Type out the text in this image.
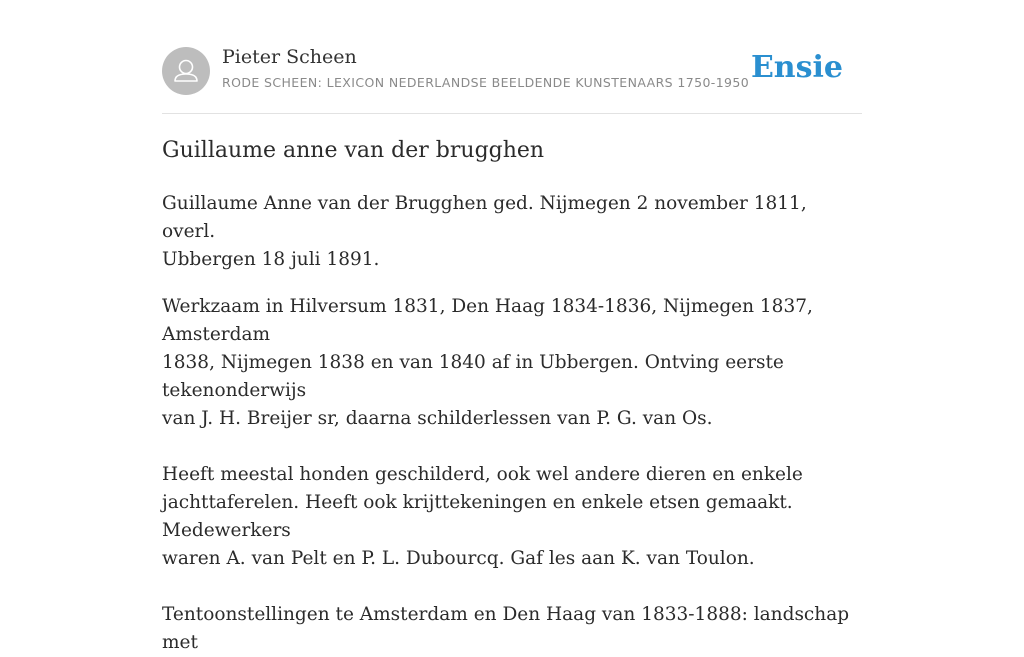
Pieter Scheen
RODE SCHEEN: LEXICON NEDERLANDSE BEELDENDE KUNSTENAARS 1750-1950 Ensie
Guillaume anne van der brugghen

Guillaume Anne van der Brugghen ged. Nijmegen 2 november 1811, overl.
Ubbergen 18 juli 1891.

Werkzaam in Hilversum 1831, Den Haag 1834-1836, Nijmegen 1837, Amsterdam
1838, Nijmegen 1838 en van 1840 af in Ubbergen. Ontving eerste tekenonderwijs
van J. H. Breijer sr, daarna schilderlessen van P. G. van Os.

Heeft meestal honden geschilderd, ook wel andere dieren en enkele
jachttaferelen. Heeft ook krijttekeningen en enkele etsen gemaakt. Medewerkers
waren A. van Pelt en P. L. Dubourcq. Gaf les aan K. van Toulon.

Tentoonstellingen te Amsterdam en Den Haag van 1833-1888: landschap met
